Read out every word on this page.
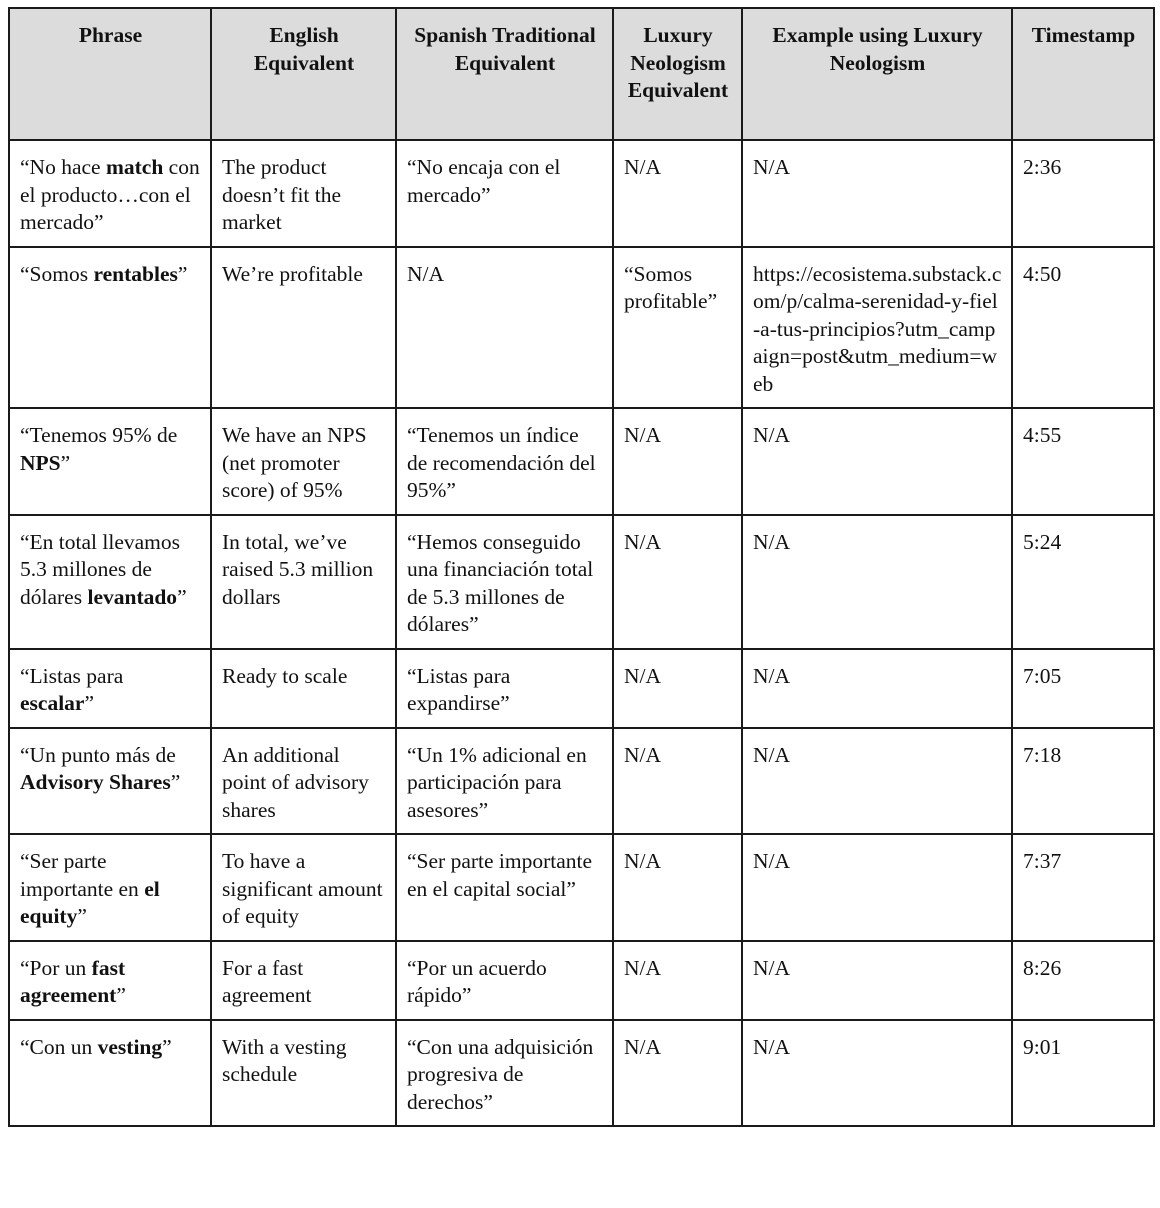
Phrase	English Equivalent	Spanish Traditional Equivalent	Luxury Neologism Equivalent	Example using Luxury Neologism	Timestamp
“No hace match con el producto…con el mercado”	The product doesn’t fit the market	“No encaja con el mercado”	N/A	N/A	2:36
“Somos rentables”	We’re profitable	N/A	“Somos profitable”	https://ecosistema.substack.com/p/calma-serenidad-y-fiel-a-tus-principios?utm_campaign=post&utm_medium=web	4:50
“Tenemos 95% de NPS”	We have an NPS (net promoter score) of 95%	“Tenemos un índice de recomendación del 95%”	N/A	N/A	4:55
“En total llevamos 5.3 millones de dólares levantado”	In total, we’ve raised 5.3 million dollars	“Hemos conseguido una financiación total de 5.3 millones de dólares”	N/A	N/A	5:24
“Listas para escalar”	Ready to scale	“Listas para expandirse”	N/A	N/A	7:05
“Un punto más de Advisory Shares”	An additional point of advisory shares	“Un 1% adicional en participación para asesores”	N/A	N/A	7:18
“Ser parte importante en el equity”	To have a significant amount of equity	“Ser parte importante en el capital social”	N/A	N/A	7:37
“Por un fast agreement”	For a fast agreement	“Por un acuerdo rápido”	N/A	N/A	8:26
“Con un vesting”	With a vesting schedule	“Con una adquisición progresiva de derechos”	N/A	N/A	9:01
